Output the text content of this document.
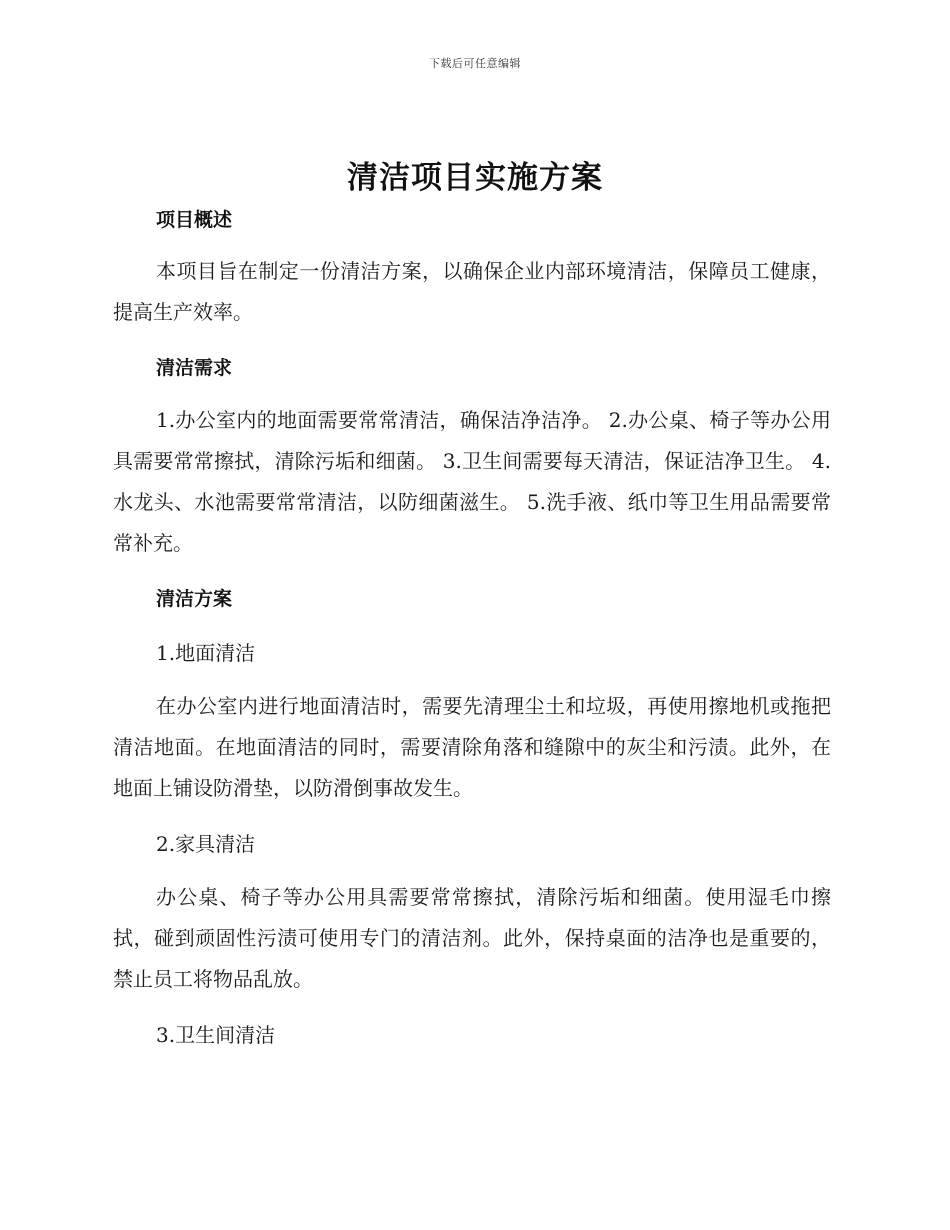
下载后可任意编辑
清洁项目实施方案
项目概述

本项目旨在制定一份清洁方案，以确保企业内部环境清洁，保障员工健康，提高生产效率。

清洁需求

1.办公室内的地面需要常常清洁，确保洁净洁净。 2.办公桌、椅子等办公用具需要常常擦拭，清除污垢和细菌。 3.卫生间需要每天清洁，保证洁净卫生。 4.水龙头、水池需要常常清洁，以防细菌滋生。 5.洗手液、纸巾等卫生用品需要常常补充。

清洁方案

1.地面清洁

在办公室内进行地面清洁时，需要先清理尘土和垃圾，再使用擦地机或拖把清洁地面。在地面清洁的同时，需要清除角落和缝隙中的灰尘和污渍。此外，在地面上铺设防滑垫，以防滑倒事故发生。

2.家具清洁

办公桌、椅子等办公用具需要常常擦拭，清除污垢和细菌。使用湿毛巾擦拭，碰到顽固性污渍可使用专门的清洁剂。此外，保持桌面的洁净也是重要的，禁止员工将物品乱放。

3.卫生间清洁
